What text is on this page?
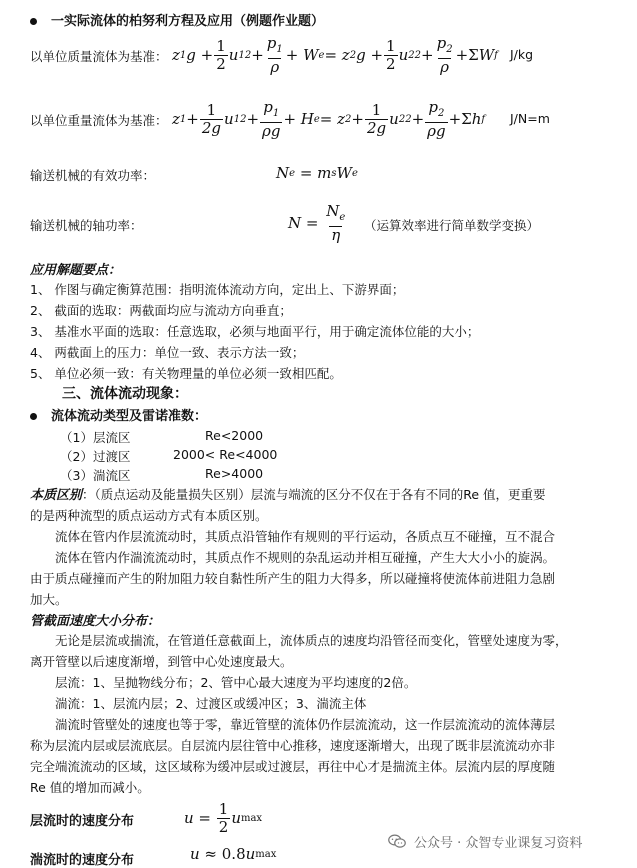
一实际流体的柏努利方程及应用（例题作业题）
以单位质量流体为基准： z 1 $g + \frac{1}{2}$ u 1 $2 + \frac{p_1}{\rho} + W$ e = z 2 $g + \frac{1}{2}$ u 2 $2 + \frac{p_2}{\rho} + \Sigma$ W f J/kg
以单位重量流体为基准： z $1 + \frac{1}{2g}$ u 1 $2 + \frac{p_1}{\rho g} + H$ e = z $2 + \frac{1}{2g}$ u 2 $2 + \frac{p_2}{\rho g} + \Sigma$ h f J/N=m
输送机械的有效功率：	N e = m s W e
输送机械的轴功率：	$N = \frac{N_e}{\eta}$ （运算效率进行简单数学变换）
应用解题要点：
1、 作图与确定衡算范围：指明流体流动方向，定出上、下游界面；
2、 截面的选取：两截面均应与流动方向垂直；
3、 基准水平面的选取：任意选取，必须与地面平行，用于确定流体位能的大小；
4、 两截面上的压力：单位一致、表示方法一致；
5、 单位必须一致：有关物理量的单位必须一致相匹配。
三、流体流动现象：
流体流动类型及雷诺准数：
（1）层流区	Re<2000
（2）过渡区	2000< Re<4000
（3）湍流区	Re>4000
本质区别：（质点运动及能量损失区别）层流与端流的区分不仅在于各有不同的Re 值，更重要
的是两种流型的质点运动方式有本质区别。
流体在管内作层流流动时，其质点沿管轴作有规则的平行运动，各质点互不碰撞，互不混合
流体在管内作湍流流动时，其质点作不规则的杂乱运动并相互碰撞，产生大大小小的旋涡。
由于质点碰撞而产生的附加阻力较自黏性所产生的阻力大得多，所以碰撞将使流体前进阻力急剧
加大。
管截面速度大小分布：
无论是层流或揣流，在管道任意截面上，流体质点的速度均沿管径而变化，管壁处速度为零，
离开管壁以后速度渐增，到管中心处速度最大。
层流：1、呈抛物线分布；2、管中心最大速度为平均速度的2倍。
湍流：1、层流内层；2、过渡区或缓冲区；3、湍流主体
湍流时管壁处的速度也等于零，靠近管壁的流体仍作层流流动，这一作层流流动的流体薄层
称为层流内层或层流底层。自层流内层往管中心推移，速度逐渐增大，出现了既非层流流动亦非
完全端流流动的区域，这区域称为缓冲层或过渡层，再往中心才是揣流主体。层流内层的厚度随
Re 值的增加而减小。
层流时的速度分布	$u = \frac{1}{2}$ u max
湍流时的速度分布	u ≈ 0.8 u max
公众号 · 众智专业课复习资料
